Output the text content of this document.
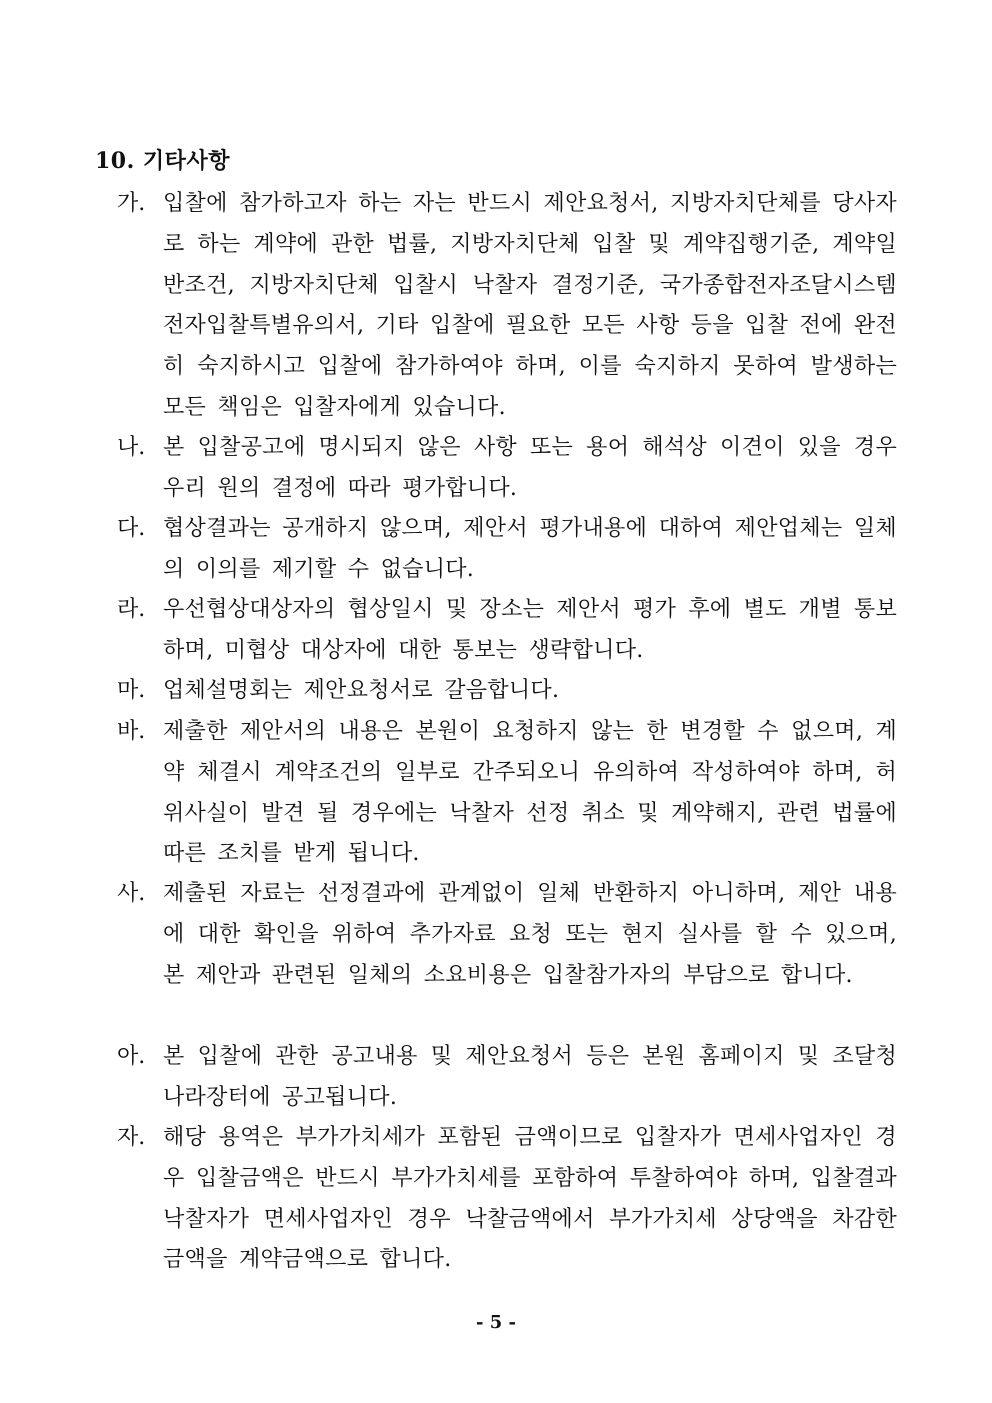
10. 기타사항
가. 입찰에 참가하고자 하는 자는 반드시 제안요청서, 지방자치단체를 당사자로 하는 계약에 관한 법률, 지방자치단체 입찰 및 계약집행기준, 계약일반조건, 지방자치단체 입찰시 낙찰자 결정기준, 국가종합전자조달시스템 전자입찰특별유의서, 기타 입찰에 필요한 모든 사항 등을 입찰 전에 완전히 숙지하시고 입찰에 참가하여야 하며, 이를 숙지하지 못하여 발생하는 모든 책임은 입찰자에게 있습니다.
나. 본 입찰공고에 명시되지 않은 사항 또는 용어 해석상 이견이 있을 경우 우리 원의 결정에 따라 평가합니다.
다. 협상결과는 공개하지 않으며, 제안서 평가내용에 대하여 제안업체는 일체의 이의를 제기할 수 없습니다.
라. 우선협상대상자의 협상일시 및 장소는 제안서 평가 후에 별도 개별 통보하며, 미협상 대상자에 대한 통보는 생략합니다.
마. 업체설명회는 제안요청서로 갈음합니다.
바. 제출한 제안서의 내용은 본원이 요청하지 않는 한 변경할 수 없으며, 계약 체결시 계약조건의 일부로 간주되오니 유의하여 작성하여야 하며, 허위사실이 발견 될 경우에는 낙찰자 선정 취소 및 계약해지, 관련 법률에 따른 조치를 받게 됩니다.
사. 제출된 자료는 선정결과에 관계없이 일체 반환하지 아니하며, 제안 내용에 대한 확인을 위하여 추가자료 요청 또는 현지 실사를 할 수 있으며, 본 제안과 관련된 일체의 소요비용은 입찰참가자의 부담으로 합니다.
아. 본 입찰에 관한 공고내용 및 제안요청서 등은 본원 홈페이지 및 조달청 나라장터에 공고됩니다.
자. 해당 용역은 부가가치세가 포함된 금액이므로 입찰자가 면세사업자인 경우 입찰금액은 반드시 부가가치세를 포함하여 투찰하여야 하며, 입찰결과 낙찰자가 면세사업자인 경우 낙찰금액에서 부가가치세 상당액을 차감한 금액을 계약금액으로 합니다.
- 5 -
